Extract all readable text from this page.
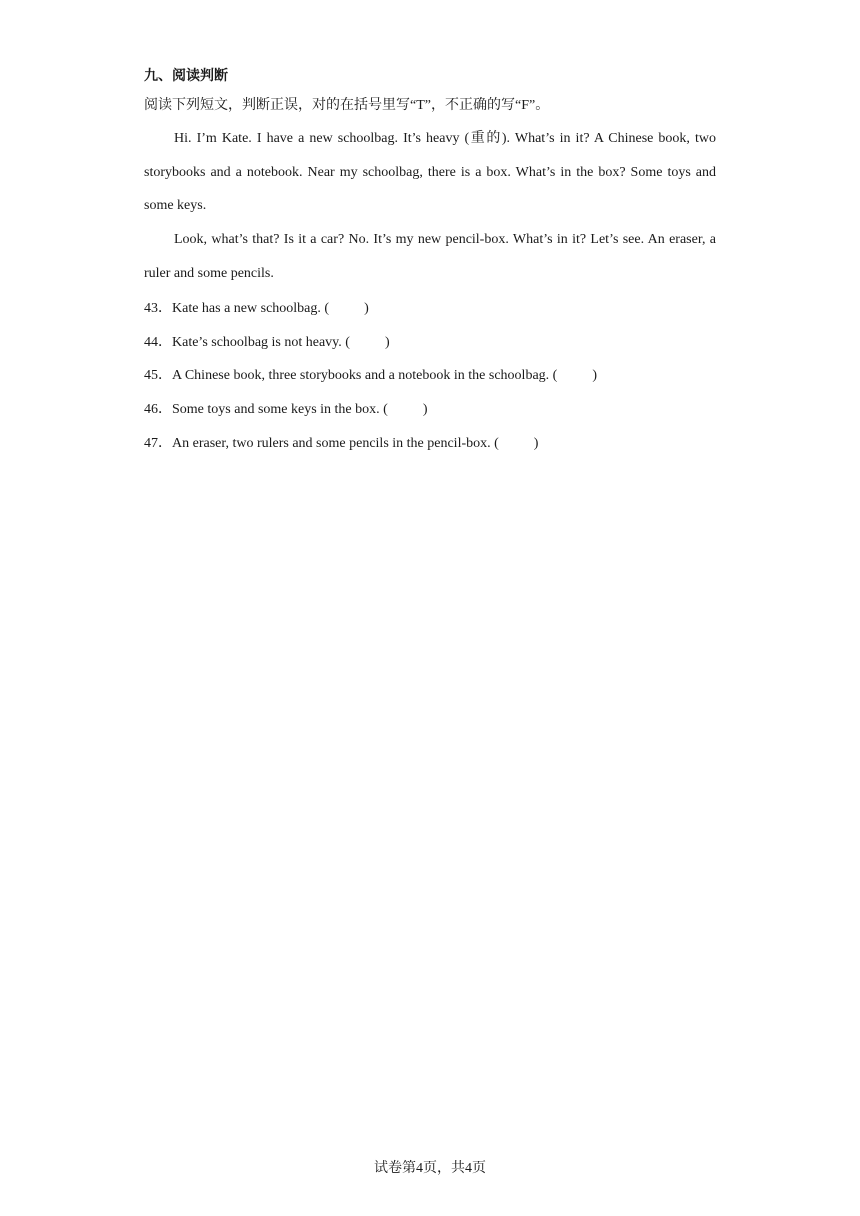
九、阅读判断

阅读下列短文，判断正误，对的在括号里写“T”，不正确的写“F”。

Hi. I’m Kate. I have a new schoolbag. It’s heavy (重的). What’s in it? A Chinese book, two storybooks and a notebook. Near my schoolbag, there is a box. What’s in the box? Some toys and some keys.

Look, what’s that? Is it a car? No. It’s my new pencil-box. What’s in it? Let’s see. An eraser, a ruler and some pencils.

43．Kate has a new schoolbag. (          )
44．Kate’s schoolbag is not heavy. (          )
45．A Chinese book, three storybooks and a notebook in the schoolbag. (          )
46．Some toys and some keys in the box. (          )
47．An eraser, two rulers and some pencils in the pencil-box. (          )

试卷第4页，共4页
